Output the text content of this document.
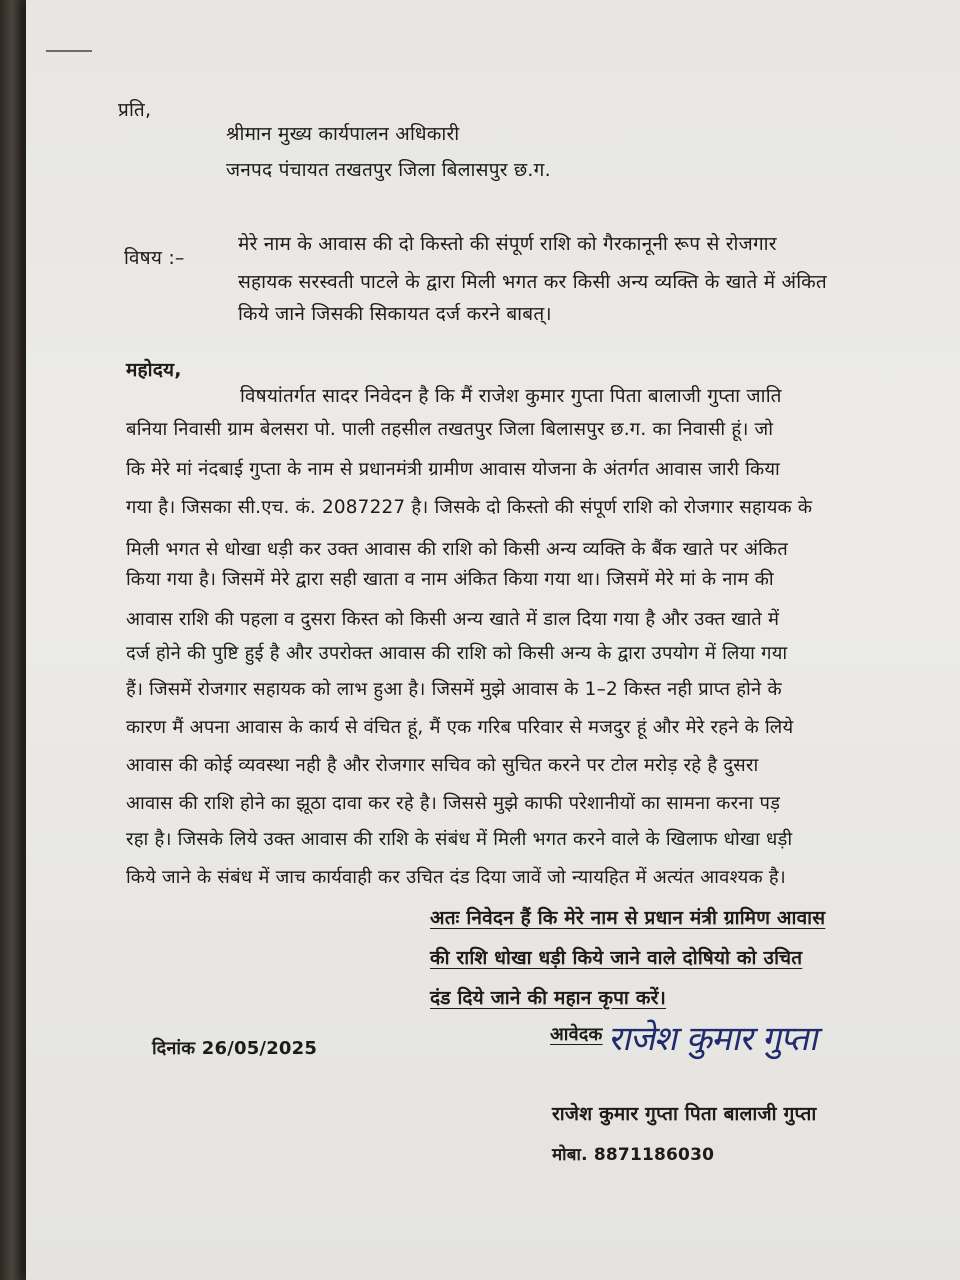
प्रति,
श्रीमान मुख्य कार्यपालन अधिकारी
जनपद पंचायत तखतपुर जिला बिलासपुर छ.ग.
विषय :–
मेरे नाम के आवास की दो किस्तो की संपूर्ण राशि को गैरकानूनी रूप से रोजगार
सहायक सरस्वती पाटले के द्वारा मिली भगत कर किसी अन्य व्यक्ति के खाते में अंकित
किये जाने जिसकी सिकायत दर्ज करने बाबत्।
महोदय,
विषयांतर्गत सादर निवेदन है कि मैं राजेश कुमार गुप्ता पिता बालाजी गुप्ता जाति
बनिया निवासी ग्राम बेलसरा पो. पाली तहसील तखतपुर जिला बिलासपुर छ.ग. का निवासी हूं। जो
कि मेरे मां नंदबाई गुप्ता के नाम से प्रधानमंत्री ग्रामीण आवास योजना के अंतर्गत आवास जारी किया
गया है। जिसका सी.एच. कं. 2087227 है। जिसके दो किस्तो की संपूर्ण राशि को रोजगार सहायक के
मिली भगत से धोखा धड़ी कर उक्त आवास की राशि को किसी अन्य व्यक्ति के बैंक खाते पर अंकित
किया गया है। जिसमें मेरे द्वारा सही खाता व नाम अंकित किया गया था। जिसमें मेरे मां के नाम की
आवास राशि की पहला व दुसरा किस्त को किसी अन्य खाते में डाल दिया गया है और उक्त खाते में
दर्ज होने की पुष्टि हुई है और उपरोक्त आवास की राशि को किसी अन्य के द्वारा उपयोग में लिया गया
हैं। जिसमें रोजगार सहायक को लाभ हुआ है। जिसमें मुझे आवास के 1–2 किस्त नही प्राप्त होने के
कारण मैं अपना आवास के कार्य से वंचित हूं, मैं एक गरिब परिवार से मजदुर हूं और मेरे रहने के लिये
आवास की कोई व्यवस्था नही है और रोजगार सचिव को सुचित करने पर टोल मरोड़ रहे है दुसरा
आवास की राशि होने का झूठा दावा कर रहे है। जिससे मुझे काफी परेशानीयों का सामना करना पड़
रहा है। जिसके लिये उक्त आवास की राशि के संबंध में मिली भगत करने वाले के खिलाफ धोखा धड़ी
किये जाने के संबंध में जाच कार्यवाही कर उचित दंड दिया जावें जो न्यायहित में अत्यंत आवश्यक है।
अतः निवेदन हैं कि मेरे नाम से प्रधान मंत्री ग्रामिण आवास
की राशि धोखा धड़ी किये जाने वाले दोषियो को उचित
दंड दिये जाने की महान कृपा करें।
आवेदक राजेश कुमार गुप्ता
दिनांक 26/05/2025
राजेश कुमार गुप्ता पिता बालाजी गुप्ता
मोबा. 8871186030
